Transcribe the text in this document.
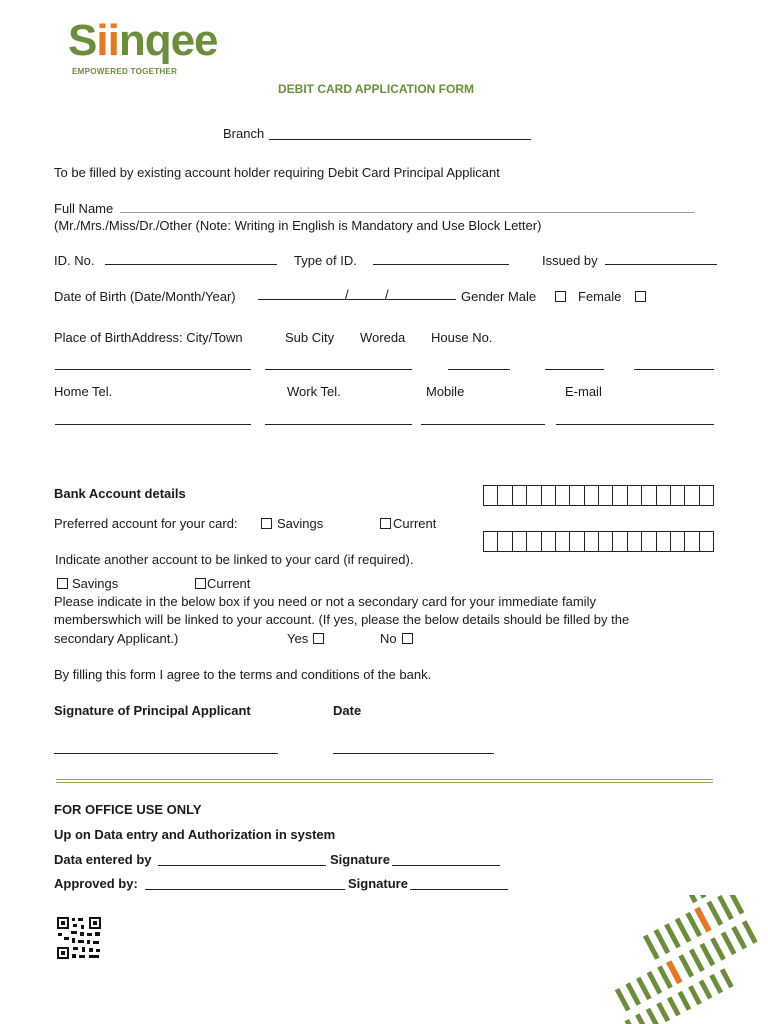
Siinqee
EMPOWERED TOGETHER
DEBIT CARD APPLICATION FORM
Branch
To be filled by existing account holder requiring Debit Card Principal Applicant
Full Name
(Mr./Mrs./Miss/Dr./Other (Note: Writing in English is Mandatory and Use Block Letter)
ID. No.	Type of ID.	Issued by
Date of Birth (Date/Month/Year)	/	/	Gender Male	Female
Place of BirthAddress: City/Town	Sub City Woreda House No.
Home Tel.	Work Tel.	Mobile	E-mail
Bank Account details
Preferred account for your card:	Savings	Current
Indicate another account to be linked to your card (if required).
Savings	Current
Please indicate in the below box if you need or not a secondary card for your immediate family
memberswhich will be linked to your account. (If yes, please the below details should be filled by the
secondary Applicant.)	Yes	No
By filling this form I agree to the terms and conditions of the bank.
Signature of Principal Applicant	Date
FOR OFFICE USE ONLY
Up on Data entry and Authorization in system
Data entered by	Signature
Approved by:	Signature
